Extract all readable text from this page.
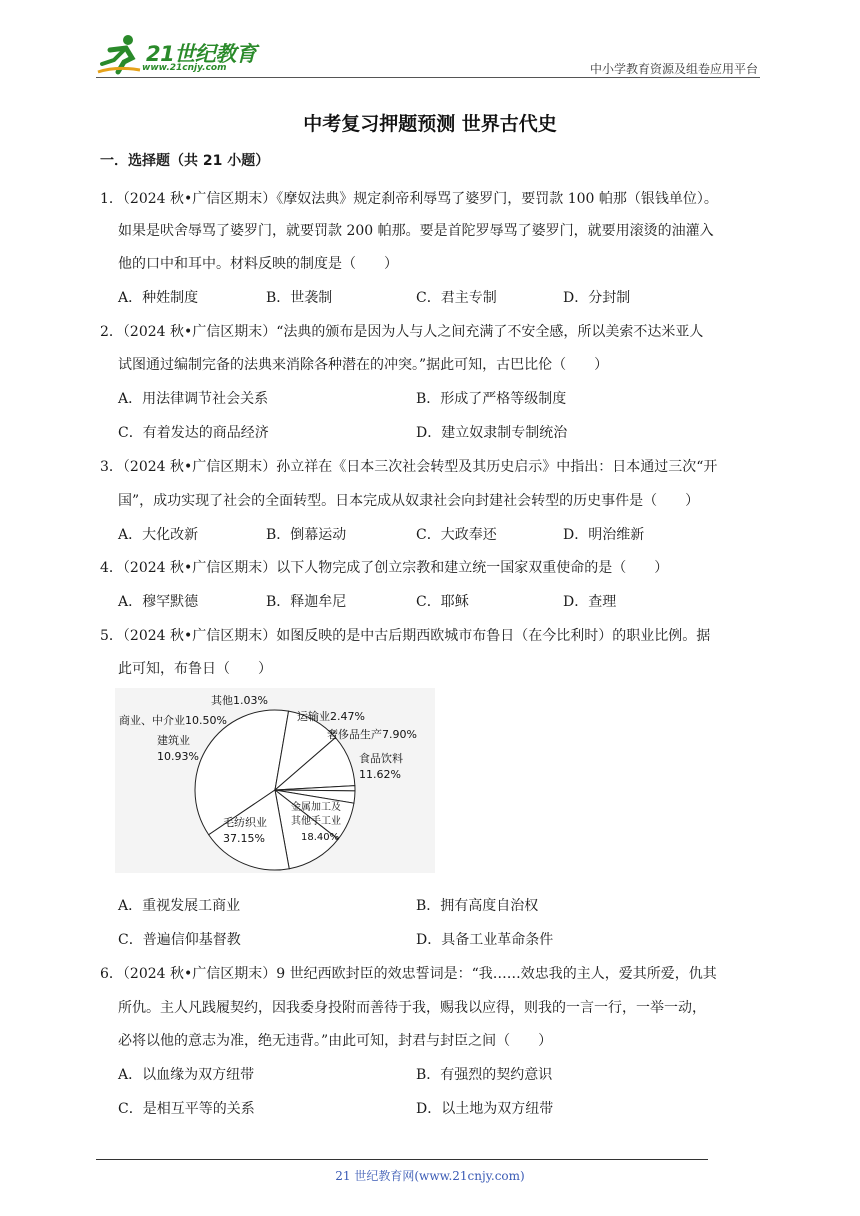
21世纪教育
www.21cnjy.com	中小学教育资源及组卷应用平台
中考复习押题预测 世界古代史
一．选择题（共 21 小题）
1．（2024 秋•广信区期末）《摩奴法典》规定刹帝利辱骂了婆罗门，要罚款 100 帕那（银钱单位）。
如果是吠舍辱骂了婆罗门，就要罚款 200 帕那。要是首陀罗辱骂了婆罗门，就要用滚烫的油灌入
他的口中和耳中。材料反映的制度是（　　）
A．种姓制度	B．世袭制	C．君主专制	D．分封制
2．（2024 秋•广信区期末）“法典的颁布是因为人与人之间充满了不安全感，所以美索不达米亚人
试图通过编制完备的法典来消除各种潜在的冲突。”据此可知，古巴比伦（　　）
A．用法律调节社会关系	B．形成了严格等级制度
C．有着发达的商品经济	D．建立奴隶制专制统治
3．（2024 秋•广信区期末）孙立祥在《日本三次社会转型及其历史启示》中指出：日本通过三次“开
国”，成功实现了社会的全面转型。日本完成从奴隶社会向封建社会转型的历史事件是（　　）
A．大化改新	B．倒幕运动	C．大政奉还	D．明治维新
4．（2024 秋•广信区期末）以下人物完成了创立宗教和建立统一国家双重使命的是（　　）
A．穆罕默德	B．释迦牟尼	C．耶稣	D．查理
5．（2024 秋•广信区期末）如图反映的是中古后期西欧城市布鲁日（在今比利时）的职业比例。据
此可知，布鲁日（　　）
其他1.03%
商业、中介业10.50%
建筑业
10.93%
运输业2.47%
奢侈品生产7.90%
食品饮料
11.62%
毛纺织业
37.15%
金属加工及
其他手工业
18.40%
A．重视发展工商业	B．拥有高度自治权
C．普遍信仰基督教	D．具备工业革命条件
6．（2024 秋•广信区期末）9 世纪西欧封臣的效忠誓词是：“我……效忠我的主人，爱其所爱，仇其
所仇。主人凡践履契约，因我委身投附而善待于我，赐我以应得，则我的一言一行，一举一动，
必将以他的意志为准，绝无违背。”由此可知，封君与封臣之间（　　）
A．以血缘为双方纽带	B．有强烈的契约意识
C．是相互平等的关系	D．以土地为双方纽带
21 世纪教育网(www.21cnjy.com)
